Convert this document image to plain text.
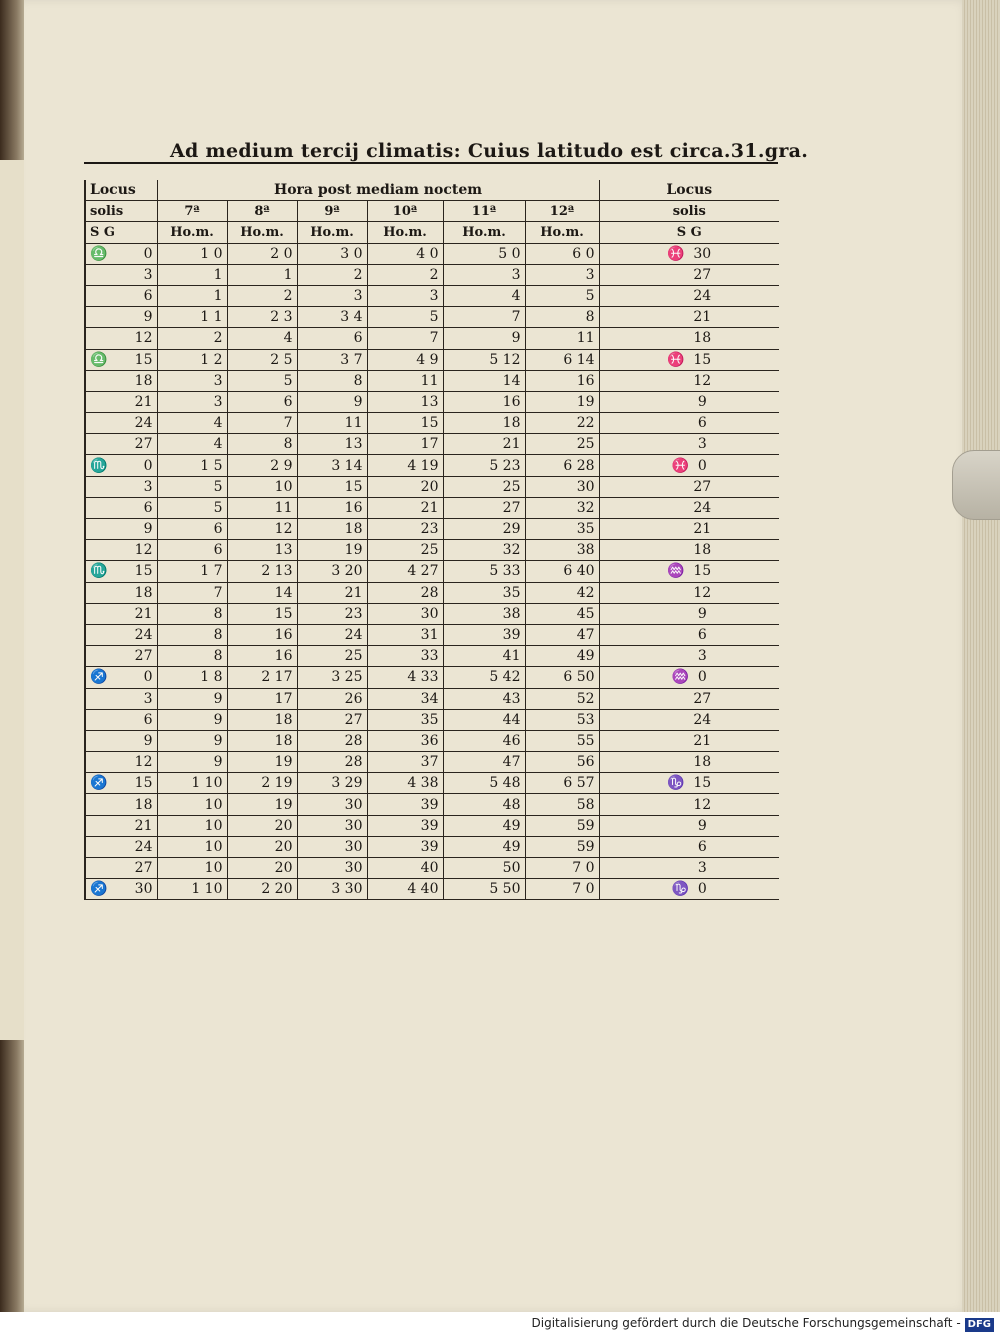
Ad medium tercij climatis: Cuius latitudo est circa.31.gra.
Locus	Hora post mediam noctem						Locus
solis	7ª	8ª	9ª	10ª	11ª	12ª	solis
S G	Ho.m.	Ho.m.	Ho.m.	Ho.m.	Ho.m.	Ho.m.	S G
♎ 0	1 0	2 0	3 0	4 0	5 0	6 0	♓ 30

3	1	1	2	2	3	3	27

6	1	2	3	3	4	5	24

9	1 1	2 3	3 4	5	7	8	21

12	2	4	6	7	9	11	18
♎ 15	1 2	2 5	3 7	4 9	5 12	6 14	♓ 15

18	3	5	8	11	14	16	12

21	3	6	9	13	16	19	9

24	4	7	11	15	18	22	6

27	4	8	13	17	21	25	3
♏ 0	1 5	2 9	3 14	4 19	5 23	6 28	♓ 0

3	5	10	15	20	25	30	27

6	5	11	16	21	27	32	24

9	6	12	18	23	29	35	21

12	6	13	19	25	32	38	18
♏ 15	1 7	2 13	3 20	4 27	5 33	6 40	♒ 15

18	7	14	21	28	35	42	12

21	8	15	23	30	38	45	9

24	8	16	24	31	39	47	6

27	8	16	25	33	41	49	3
♐ 0	1 8	2 17	3 25	4 33	5 42	6 50	♒ 0

3	9	17	26	34	43	52	27

6	9	18	27	35	44	53	24

9	9	18	28	36	46	55	21

12	9	19	28	37	47	56	18
♐ 15	1 10	2 19	3 29	4 38	5 48	6 57	♑ 15

18	10	19	30	39	48	58	12

21	10	20	30	39	49	59	9

24	10	20	30	39	49	59	6

27	10	20	30	40	50	7 0	3
♐ 30	1 10	2 20	3 30	4 40	5 50	7 0	♑ 0
Digitalisierung gefördert durch die Deutsche Forschungsgemeinschaft - DFG
